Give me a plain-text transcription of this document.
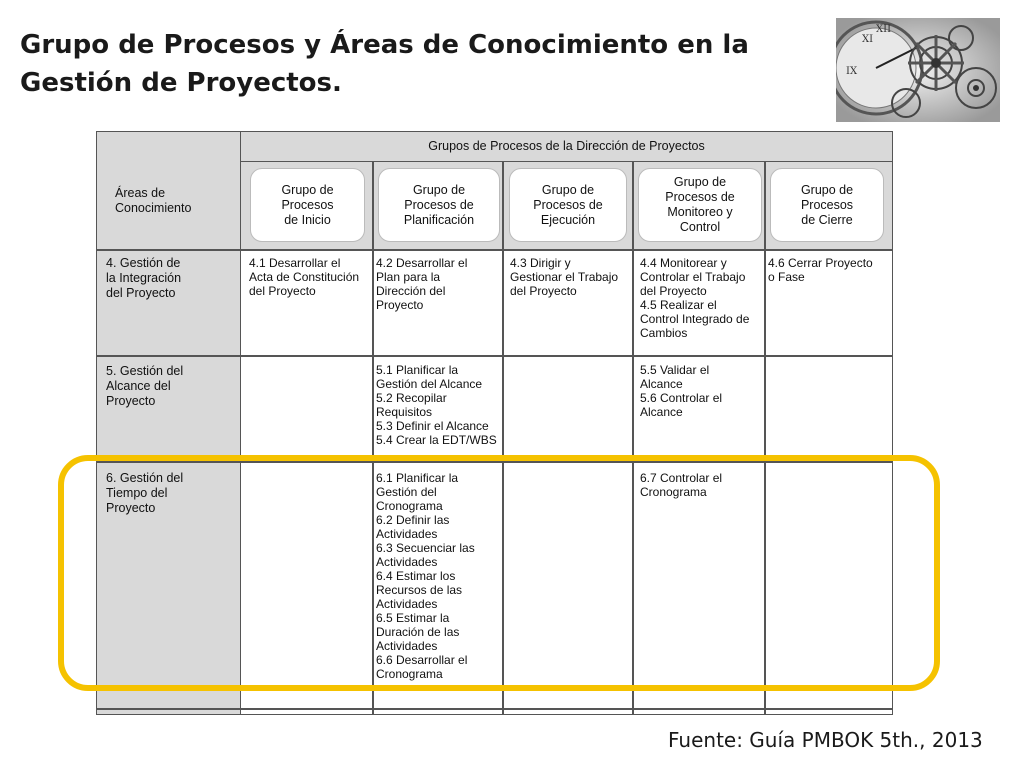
Grupo de Procesos y Áreas de Conocimiento en la
Gestión de Proyectos.
XI
IX
XII
Grupos de Procesos de la Dirección de Proyectos
Áreas de
Conocimiento
Grupo de
Procesos
de Inicio
Grupo de
Procesos de
Planificación
Grupo de
Procesos de
Ejecución
Grupo de
Procesos de
Monitoreo y
Control
Grupo de
Procesos
de Cierre
4. Gestión de
la Integración
del Proyecto
4.1 Desarrollar el
Acta de Constitución
del Proyecto
4.2 Desarrollar el
Plan para la
Dirección del
Proyecto
4.3 Dirigir y
Gestionar el Trabajo
del Proyecto
4.4 Monitorear y
Controlar el Trabajo
del Proyecto
4.5 Realizar el
Control Integrado de
Cambios
4.6 Cerrar Proyecto
o Fase
5. Gestión del
Alcance del
Proyecto
5.1 Planificar la
Gestión del Alcance
5.2 Recopilar
Requisitos
5.3 Definir el Alcance
5.4 Crear la EDT/WBS
5.5 Validar el
Alcance
5.6 Controlar el
Alcance
6. Gestión del
Tiempo del
Proyecto
6.1 Planificar la
Gestión del
Cronograma
6.2 Definir las
Actividades
6.3 Secuenciar las
Actividades
6.4 Estimar los
Recursos de las
Actividades
6.5 Estimar la
Duración de las
Actividades
6.6 Desarrollar el
Cronograma
6.7 Controlar el
Cronograma
Fuente: Guía PMBOK 5th., 2013
